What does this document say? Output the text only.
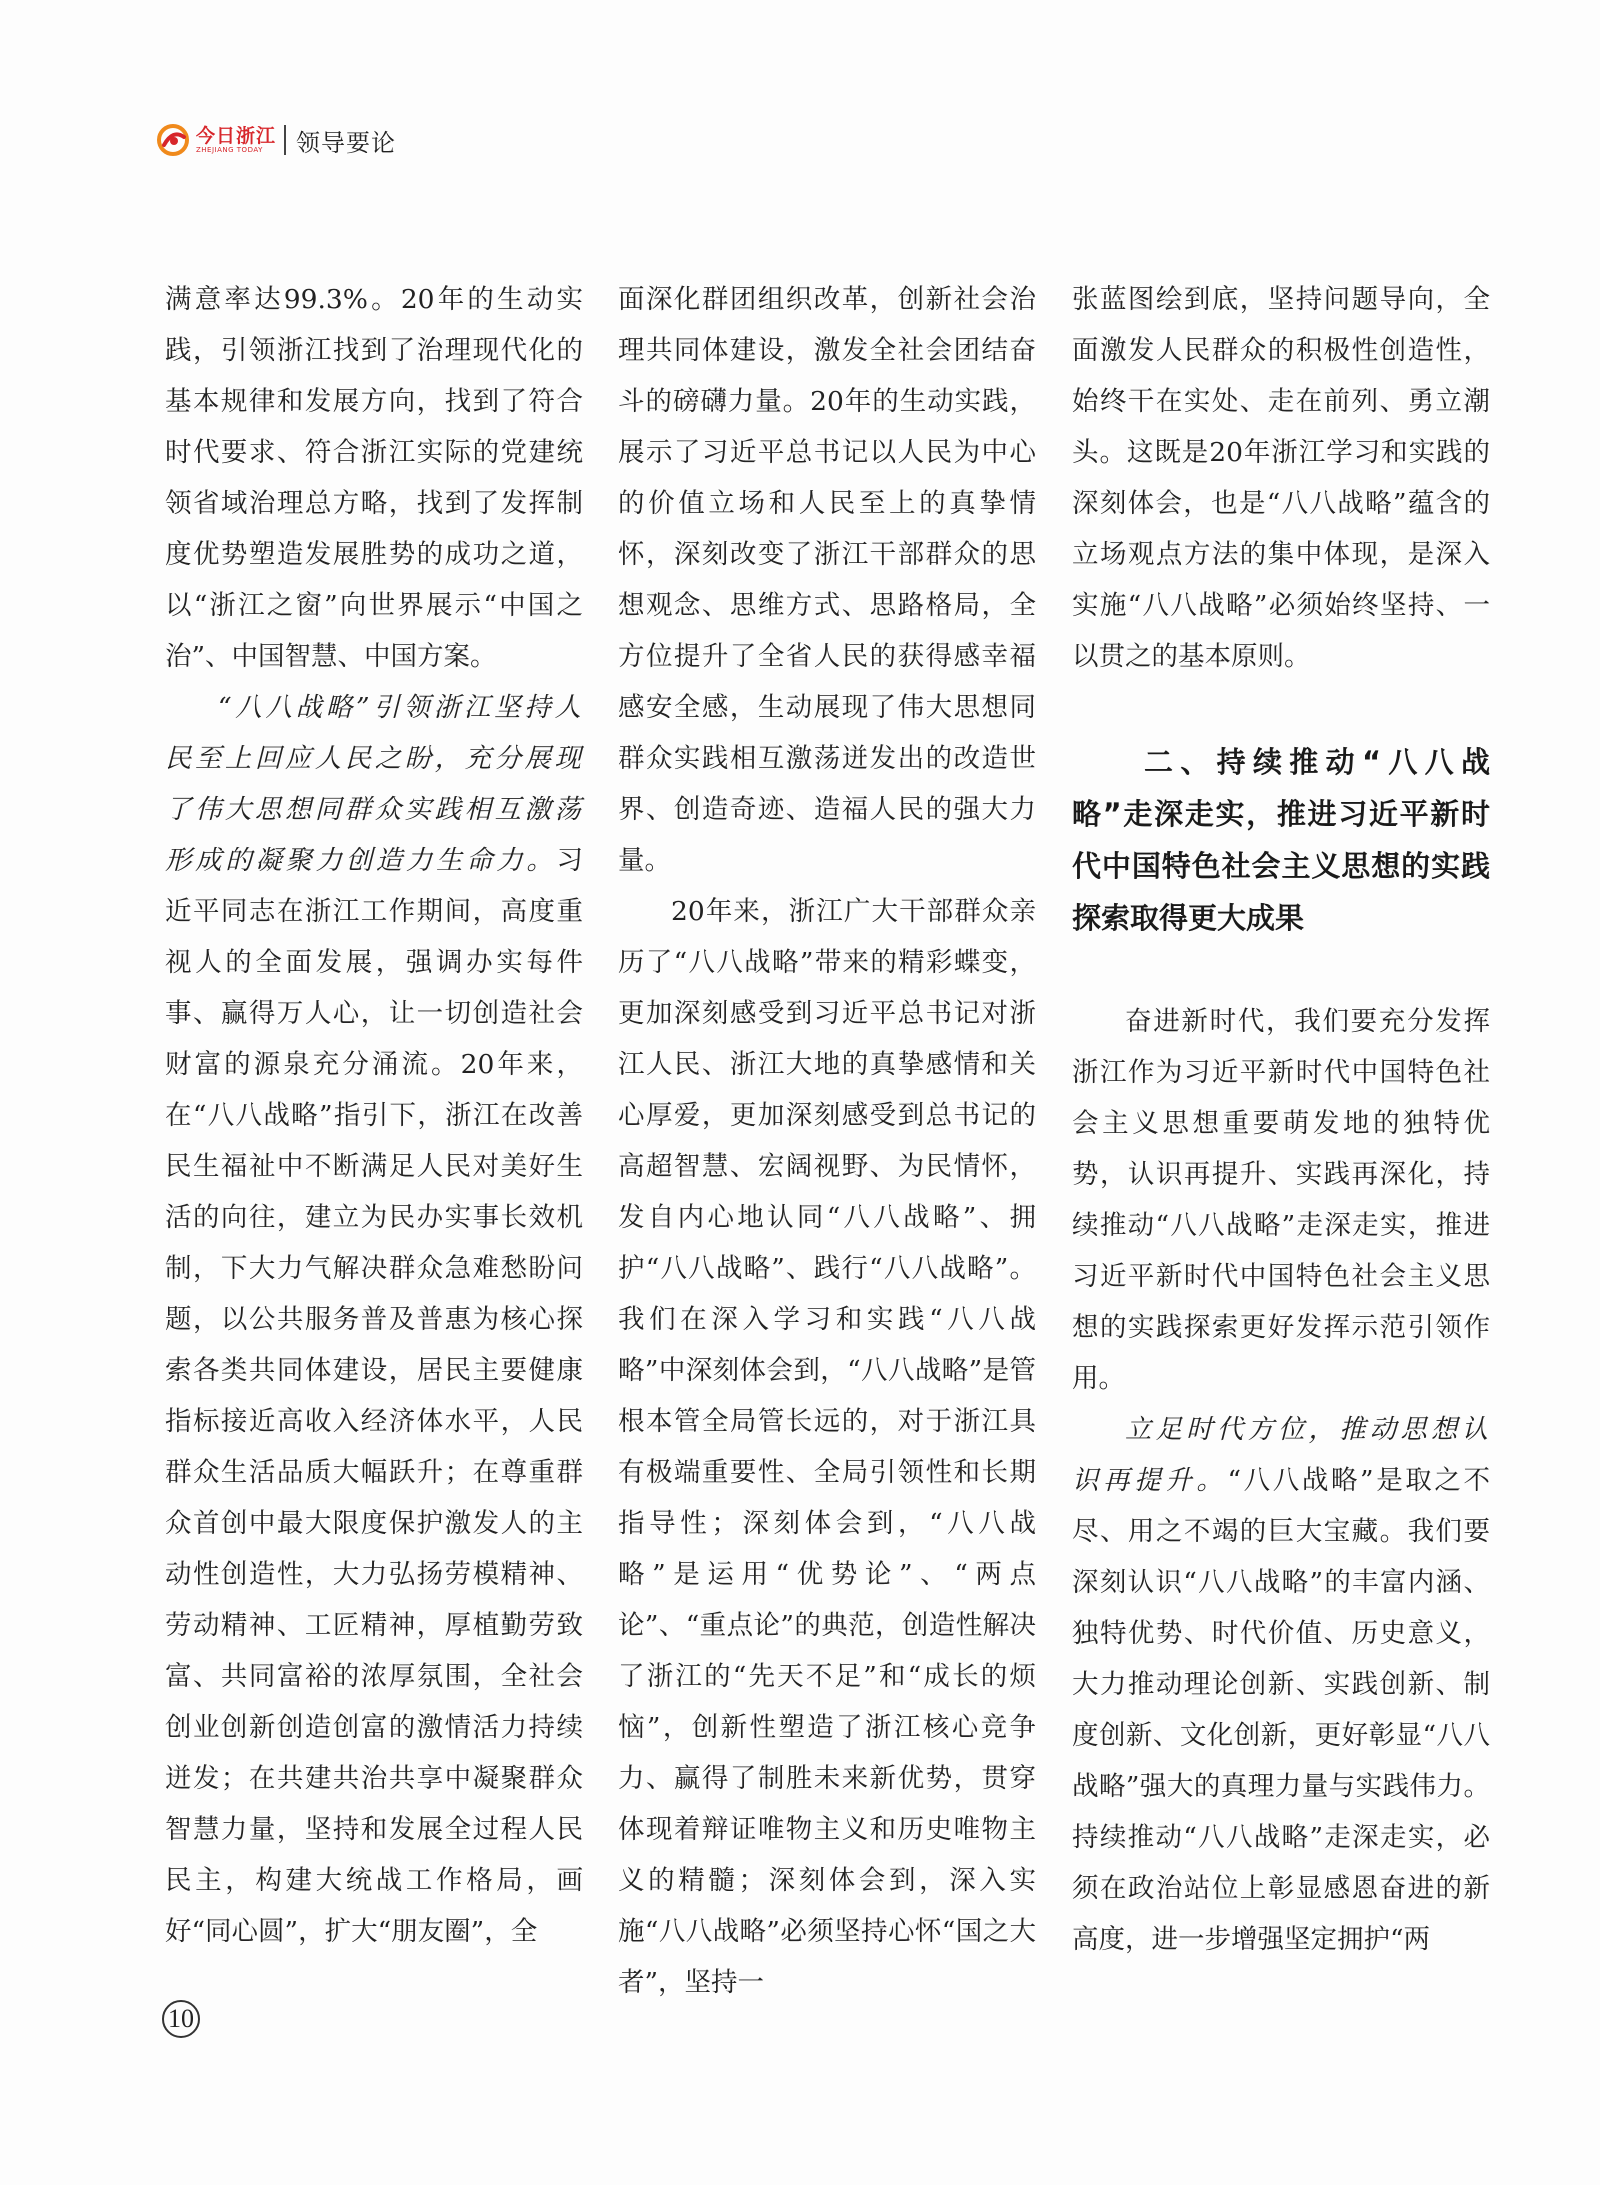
今日浙江
ZHEJIANG TODAY	领导要论

满意率达99.3%。20年的生动实践，引领浙江找到了治理现代化的基本规律和发展方向，找到了符合时代要求、符合浙江实际的党建统领省域治理总方略，找到了发挥制度优势塑造发展胜势的成功之道，以“浙江之窗”向世界展示“中国之治”、中国智慧、中国方案。

“八八战略”引领浙江坚持人民至上回应人民之盼，充分展现了伟大思想同群众实践相互激荡形成的凝聚力创造力生命力。习近平同志在浙江工作期间，高度重视人的全面发展，强调办实每件事、赢得万人心，让一切创造社会财富的源泉充分涌流。20年来，在“八八战略”指引下，浙江在改善民生福祉中不断满足人民对美好生活的向往，建立为民办实事长效机制，下大力气解决群众急难愁盼问题，以公共服务普及普惠为核心探索各类共同体建设，居民主要健康指标接近高收入经济体水平，人民群众生活品质大幅跃升；在尊重群众首创中最大限度保护激发人的主动性创造性，大力弘扬劳模精神、劳动精神、工匠精神，厚植勤劳致富、共同富裕的浓厚氛围，全社会创业创新创造创富的激情活力持续迸发；在共建共治共享中凝聚群众智慧力量，坚持和发展全过程人民民主，构建大统战工作格局，画好“同心圆”，扩大“朋友圈”，全

面深化群团组织改革，创新社会治理共同体建设，激发全社会团结奋斗的磅礴力量。20年的生动实践，展示了习近平总书记以人民为中心的价值立场和人民至上的真挚情怀，深刻改变了浙江干部群众的思想观念、思维方式、思路格局，全方位提升了全省人民的获得感幸福感安全感，生动展现了伟大思想同群众实践相互激荡迸发出的改造世界、创造奇迹、造福人民的强大力量。

20年来，浙江广大干部群众亲历了“八八战略”带来的精彩蝶变，更加深刻感受到习近平总书记对浙江人民、浙江大地的真挚感情和关心厚爱，更加深刻感受到总书记的高超智慧、宏阔视野、为民情怀，发自内心地认同“八八战略”、拥护“八八战略”、践行“八八战略”。我们在深入学习和实践“八八战略”中深刻体会到，“八八战略”是管根本管全局管长远的，对于浙江具有极端重要性、全局引领性和长期指导性；深刻体会到，“八八战略”是运用“优势论”、“两点论”、“重点论”的典范，创造性解决了浙江的“先天不足”和“成长的烦恼”，创新性塑造了浙江核心竞争力、赢得了制胜未来新优势，贯穿体现着辩证唯物主义和历史唯物主义的精髓；深刻体会到，深入实施“八八战略”必须坚持心怀“国之大者”，坚持一

张蓝图绘到底，坚持问题导向，全面激发人民群众的积极性创造性，始终干在实处、走在前列、勇立潮头。这既是20年浙江学习和实践的深刻体会，也是“八八战略”蕴含的立场观点方法的集中体现，是深入实施“八八战略”必须始终坚持、一以贯之的基本原则。

二、持续推动“八八战略”走深走实，推进习近平新时代中国特色社会主义思想的实践探索取得更大成果

奋进新时代，我们要充分发挥浙江作为习近平新时代中国特色社会主义思想重要萌发地的独特优势，认识再提升、实践再深化，持续推动“八八战略”走深走实，推进习近平新时代中国特色社会主义思想的实践探索更好发挥示范引领作用。

立足时代方位，推动思想认识再提升。“八八战略”是取之不尽、用之不竭的巨大宝藏。我们要深刻认识“八八战略”的丰富内涵、独特优势、时代价值、历史意义，大力推动理论创新、实践创新、制度创新、文化创新，更好彰显“八八战略”强大的真理力量与实践伟力。持续推动“八八战略”走深走实，必须在政治站位上彰显感恩奋进的新高度，进一步增强坚定拥护“两

10
